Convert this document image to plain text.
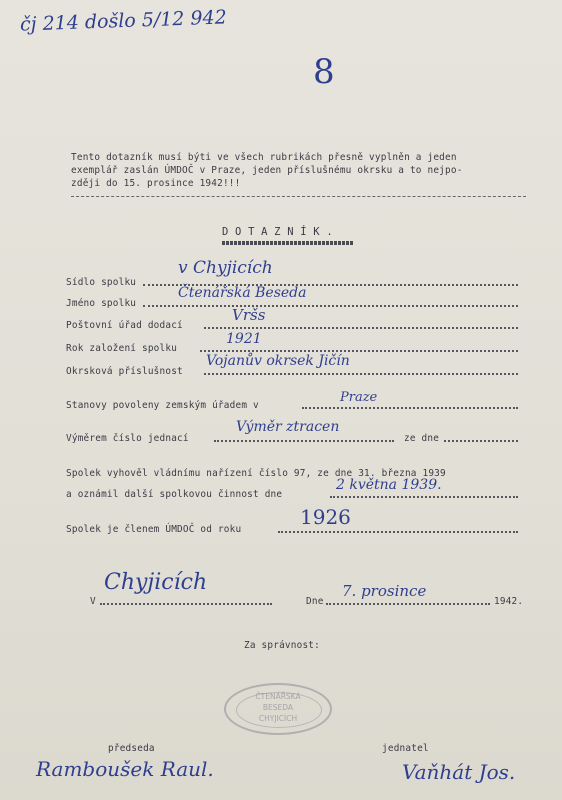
čj 214 došlo 5/12 942
8
Tento dotazník musí býti ve všech rubrikách přesně vyplněn a jeden
exemplář zaslán ÚMDOČ v Praze, jeden příslušnému okrsku a to nejpo-
zději do 15. prosince 1942!!!
D O T A Z N Í K .
Sídlo spolku
v Chyjicích
Jméno spolku
Čtenářská Beseda
Poštovní úřad dodací
Vršs
Rok založení spolku
1921
Okrsková příslušnost
Vojanův okrsek Jičín
Stanovy povoleny zemským úřadem v
Praze
Výměrem číslo jednací
Výměr ztracen
ze dne
Spolek vyhověl vládnímu nařízení číslo 97, ze dne 31. března 1939
a oznámil další spolkovou činnost dne
2 května 1939.
Spolek je členem ÚMDOČ od roku
1926
V
Chyjicích
Dne
7. prosince
1942.
Za správnost:
ČTENÁŘSKÁ
BESEDA
CHYJICÍCH
předseda
Ramboušek Raul.
jednatel
Vaňhát Jos.
